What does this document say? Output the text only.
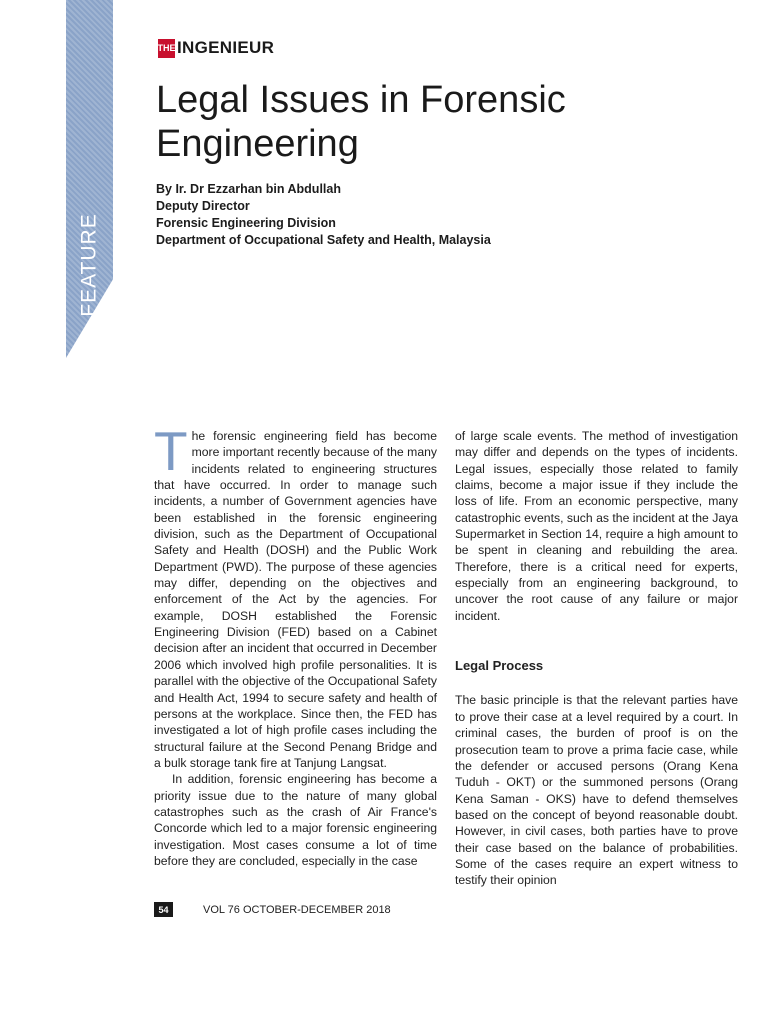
FEATURE
THE INGENIEUR
Legal Issues in Forensic Engineering
By Ir. Dr Ezzarhan bin Abdullah
Deputy Director
Forensic Engineering Division
Department of Occupational Safety and Health, Malaysia

The forensic engineering field has become more important recently because of the many incidents related to engineering structures that have occurred. In order to manage such incidents, a number of Government agencies have been established in the forensic engineering division, such as the Department of Occupational Safety and Health (DOSH) and the Public Work Department (PWD). The purpose of these agencies may differ, depending on the objectives and enforcement of the Act by the agencies. For example, DOSH established the Forensic Engineering Division (FED) based on a Cabinet decision after an incident that occurred in December 2006 which involved high profile personalities. It is parallel with the objective of the Occupational Safety and Health Act, 1994 to secure safety and health of persons at the workplace. Since then, the FED has investigated a lot of high profile cases including the structural failure at the Second Penang Bridge and a bulk storage tank fire at Tanjung Langsat.

In addition, forensic engineering has become a priority issue due to the nature of many global catastrophes such as the crash of Air France's Concorde which led to a major forensic engineering investigation. Most cases consume a lot of time before they are concluded, especially in the case

of large scale events. The method of investigation may differ and depends on the types of incidents. Legal issues, especially those related to family claims, become a major issue if they include the loss of life. From an economic perspective, many catastrophic events, such as the incident at the Jaya Supermarket in Section 14, require a high amount to be spent in cleaning and rebuilding the area. Therefore, there is a critical need for experts, especially from an engineering background, to uncover the root cause of any failure or major incident.

Legal Process

The basic principle is that the relevant parties have to prove their case at a level required by a court. In criminal cases, the burden of proof is on the prosecution team to prove a prima facie case, while the defender or accused persons (Orang Kena Tuduh - OKT) or the summoned persons (Orang Kena Saman - OKS) have to defend themselves based on the concept of beyond reasonable doubt. However, in civil cases, both parties have to prove their case based on the balance of probabilities. Some of the cases require an expert witness to testify their opinion

54	VOL 76 OCTOBER-DECEMBER 2018
